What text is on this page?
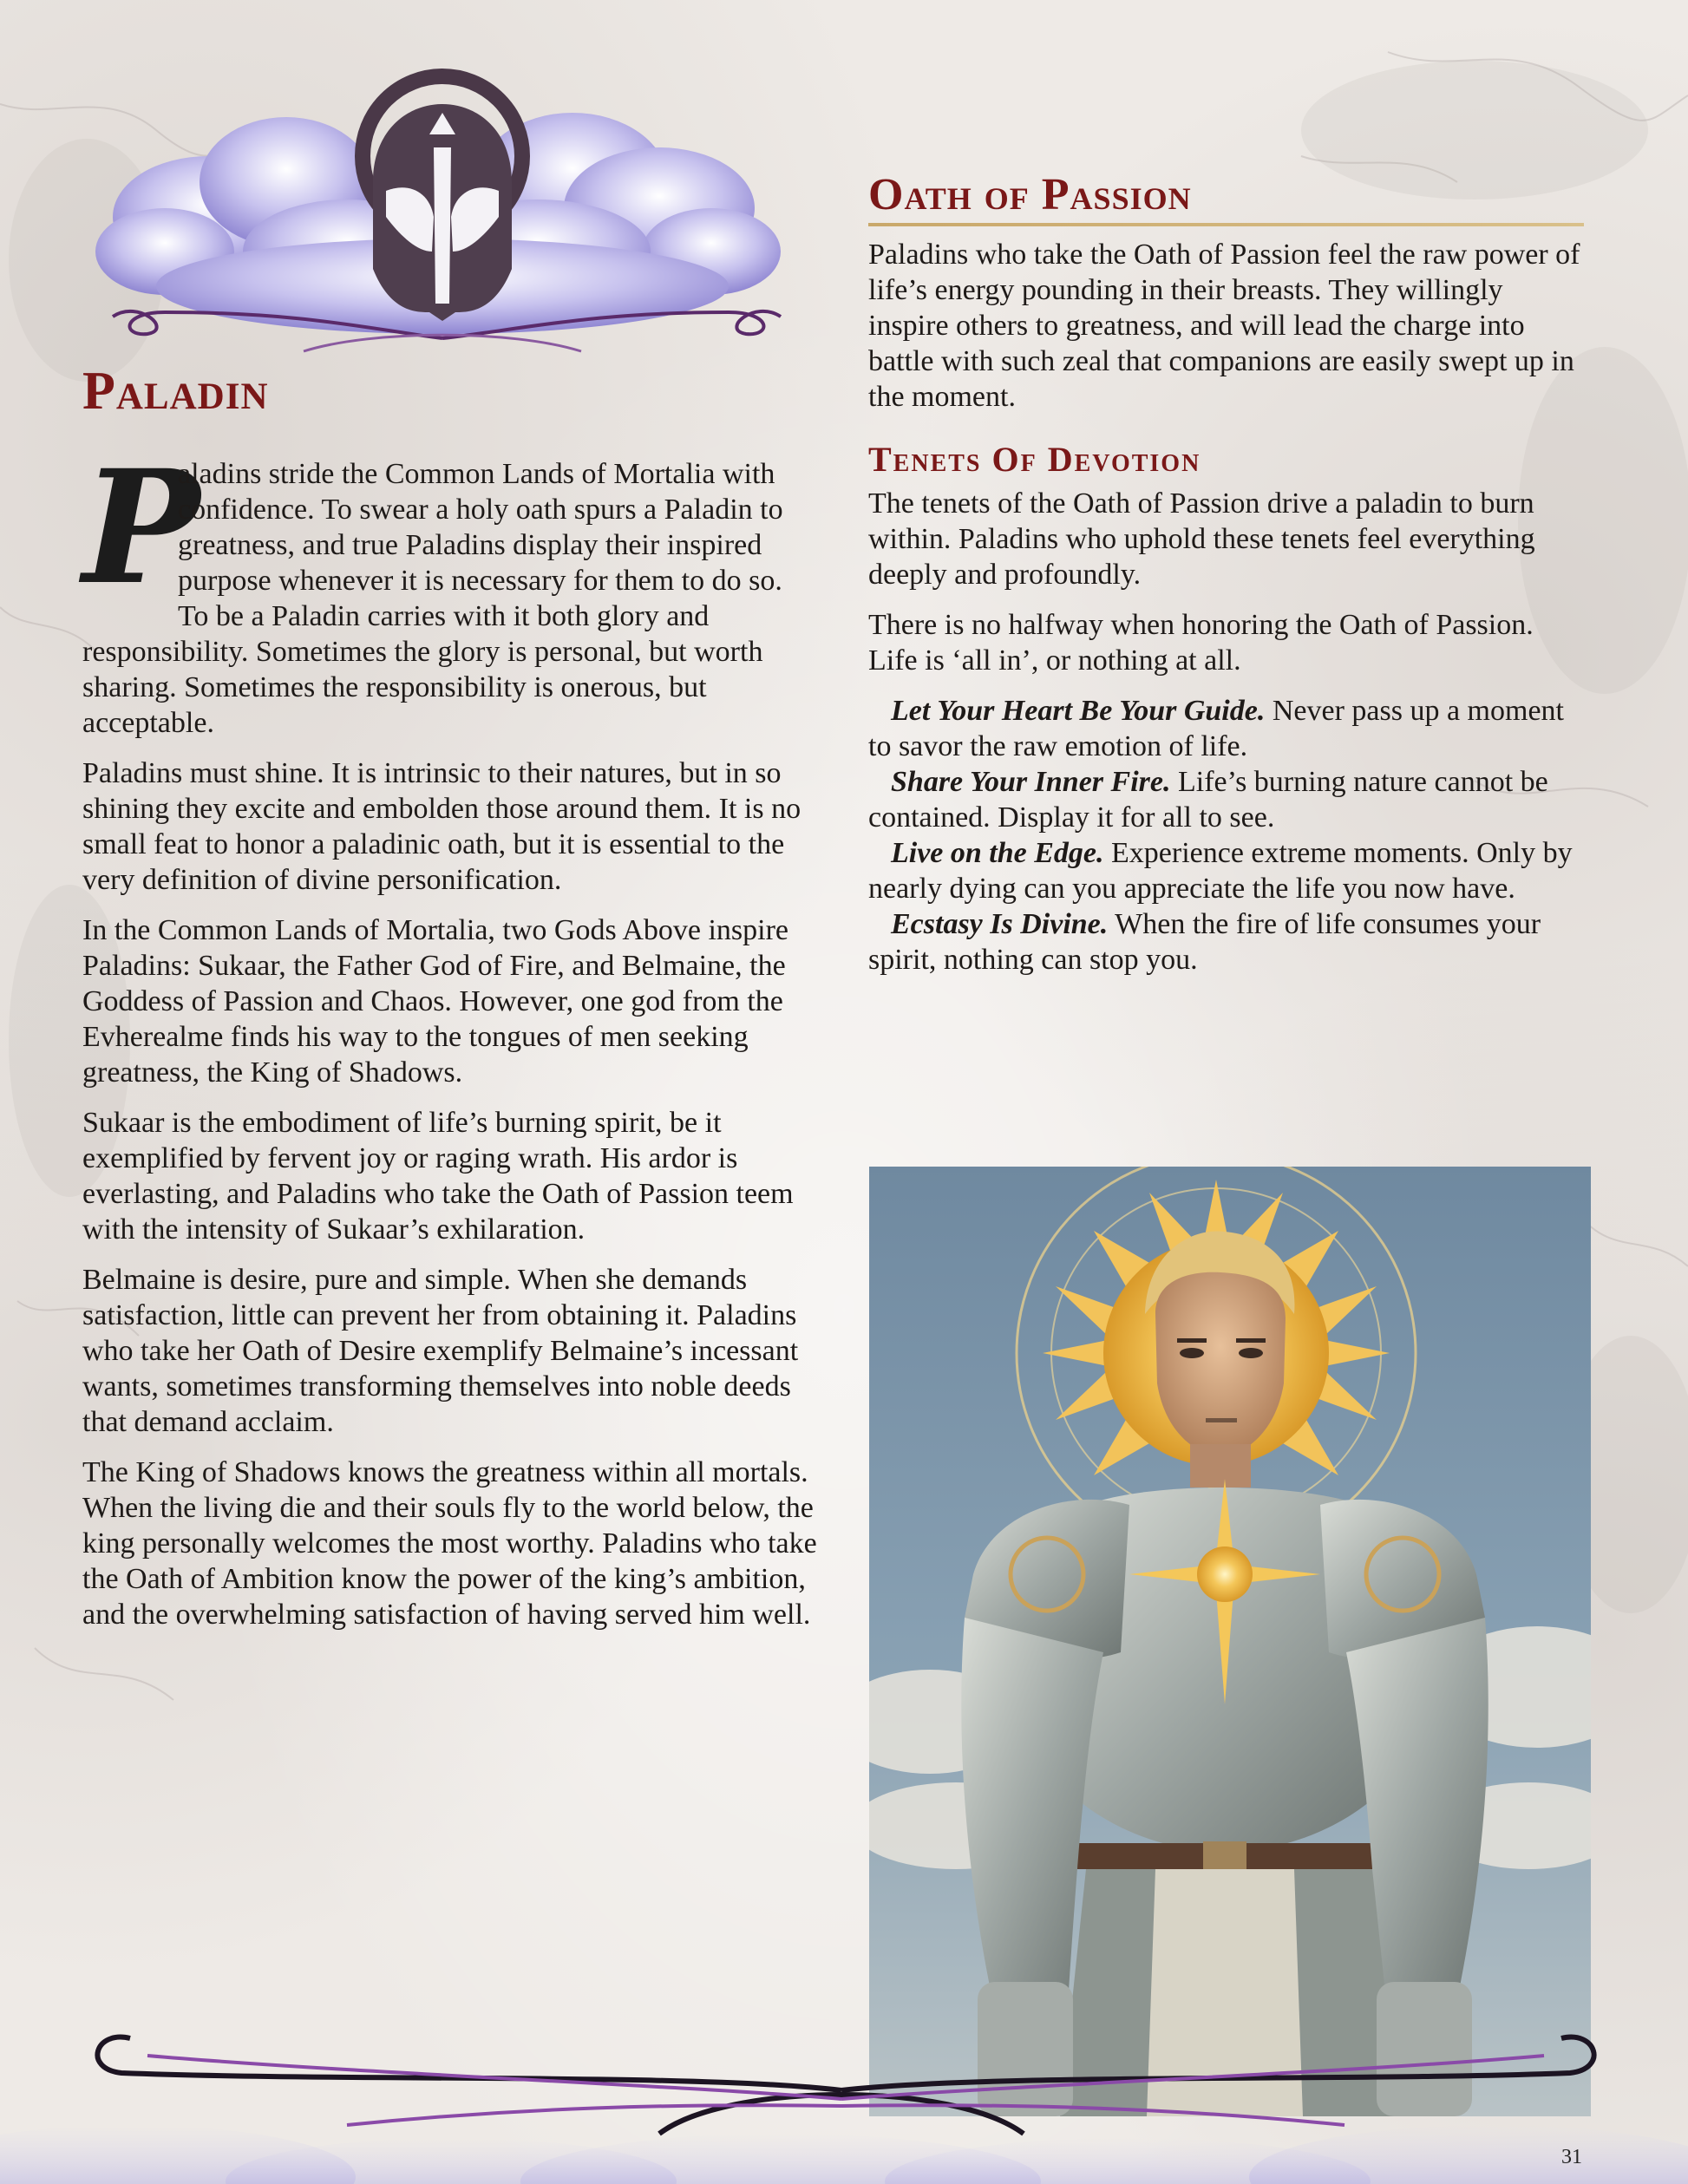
Paladin

P
aladins stride the Common Lands of Mortalia with confidence. To swear a holy oath spurs a Paladin to greatness, and true Paladins display their inspired purpose whenever it is necessary for them to do so. To be a Paladin carries with it both glory and responsibility. Sometimes the glory is personal, but worth sharing. Sometimes the responsibility is onerous, but acceptable.

Paladins must shine. It is intrinsic to their natures, but in so shining they excite and embolden those around them. It is no small feat to honor a paladinic oath, but it is essential to the very definition of divine personification.

In the Common Lands of Mortalia, two Gods Above inspire Paladins: Sukaar, the Father God of Fire, and Belmaine, the Goddess of Passion and Chaos. However, one god from the Evherealme finds his way to the tongues of men seeking greatness, the King of Shadows.

Sukaar is the embodiment of life’s burning spirit, be it exemplified by fervent joy or raging wrath. His ardor is everlasting, and Paladins who take the Oath of Passion teem with the intensity of Sukaar’s exhilaration.

Belmaine is desire, pure and simple. When she demands satisfaction, little can prevent her from obtaining it. Paladins who take her Oath of Desire exemplify Belmaine’s incessant wants, sometimes transforming themselves into noble deeds that demand acclaim.

The King of Shadows knows the greatness within all mortals. When the living die and their souls fly to the world below, the king personally welcomes the most worthy. Paladins who take the Oath of Ambition know the power of the king’s ambition, and the overwhelming satisfaction of having served him well.

Oath of Passion

Paladins who take the Oath of Passion feel the raw power of life’s energy pounding in their breasts. They willingly inspire others to greatness, and will lead the charge into battle with such zeal that companions are easily swept up in the moment.

Tenets Of Devotion

The tenets of the Oath of Passion drive a paladin to burn within. Paladins who uphold these tenets feel everything deeply and profoundly.

There is no halfway when honoring the Oath of Passion. Life is ‘all in’, or nothing at all.

Let Your Heart Be Your Guide. Never pass up a moment to savor the raw emotion of life.

Share Your Inner Fire. Life’s burning nature cannot be contained. Display it for all to see.

Live on the Edge. Experience extreme moments. Only by nearly dying can you appreciate the life you now have.

Ecstasy Is Divine. When the fire of life consumes your spirit, nothing can stop you.

31
